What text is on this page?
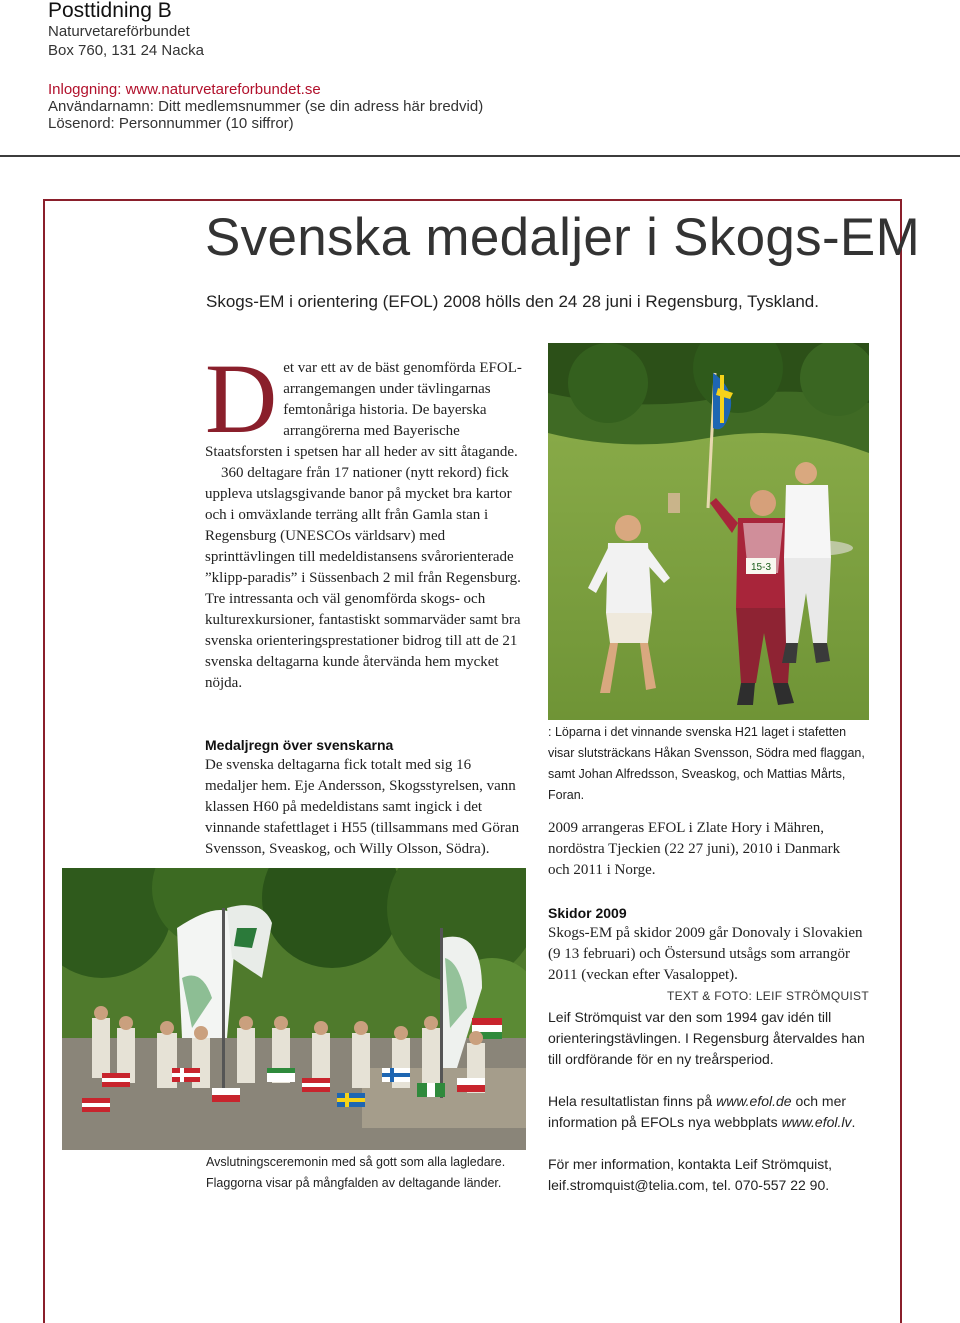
Posttidning B
Naturvetareförbundet
Box 760, 131 24 Nacka
Inloggning: www.naturvetareforbundet.se
Användarnamn: Ditt medlemsnummer (se din adress här bredvid)
Lösenord: Personnummer (10 siffror)
Svenska medaljer i Skogs-EM
Skogs-EM i orientering (EFOL) 2008 hölls den 24 28 juni i Regensburg, Tyskland.

Det var ett av de bäst genomförda EFOL-arrangemangen under tävlingarnas femtonåriga historia. De bayerska arrangörerna med Bayerische Staatsforsten i spetsen har all heder av sitt åtagande.

360 deltagare från 17 nationer (nytt rekord) fick uppleva utslagsgivande banor på mycket bra kartor och i omväxlande terräng allt från Gamla stan i Regensburg (UNESCOs världsarv) med sprinttävlingen till medeldistansens svårorienterade ”klipp-paradis” i Süssenbach 2 mil från Regensburg. Tre intressanta och väl genomförda skogs- och kulturexkursioner, fantastiskt sommarväder samt bra svenska orienteringsprestationer bidrog till att de 21 svenska deltagarna kunde återvända hem mycket nöjda.

Medaljregn över svenskarna
De svenska deltagarna fick totalt med sig 16 medaljer hem. Eje Andersson, Skogsstyrelsen, vann klassen H60 på medeldistans samt ingick i det vinnande stafettlaget i H55 (tillsammans med Göran Svensson, Sveaskog, och Willy Olsson, Södra).
15-3
: Löparna i det vinnande svenska H21 laget i stafetten visar slutsträckans Håkan Svensson, Södra med flaggan, samt Johan Alfredsson, Sveaskog, och Mattias Mårts, Foran.
2009 arrangeras EFOL i Zlate Hory i Mähren, nordöstra Tjeckien (22 27 juni), 2010 i Danmark och 2011 i Norge.
Skidor 2009
Skogs-EM på skidor 2009 går Donovaly i Slovakien (9 13 februari) och Östersund utsågs som arrangör 2011 (veckan efter Vasaloppet).
TEXT & FOTO: LEIF STRÖMQUIST
Leif Strömquist var den som 1994 gav idén till orienteringstävlingen. I Regensburg återvaldes han till ordförande för en ny treårsperiod.
Hela resultatlistan finns på www.efol.de och mer information på EFOLs nya webbplats www.efol.lv.
För mer information, kontakta Leif Strömquist, leif.stromquist@telia.com, tel. 070-557 22 90.
Avslutningsceremonin med så gott som alla lagledare.
Flaggorna visar på mångfalden av deltagande länder.
